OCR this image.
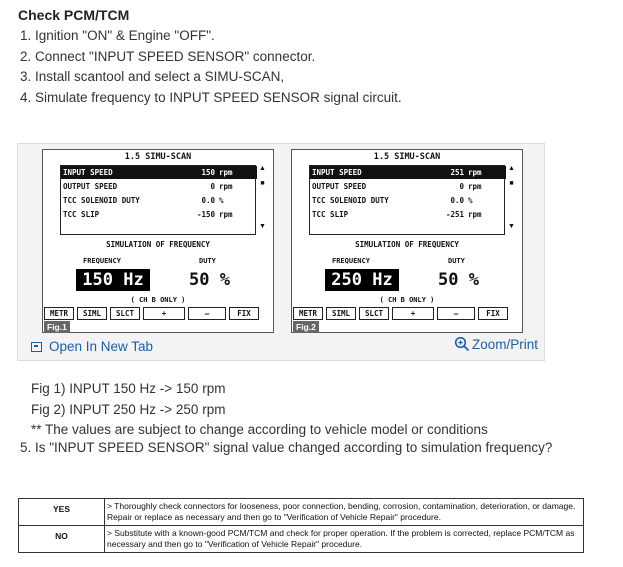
Check PCM/TCM
1. Ignition "ON" & Engine "OFF".
2. Connect "INPUT SPEED SENSOR" connector.
3. Install scantool and select a SIMU-SCAN,
4. Simulate frequency to INPUT SPEED SENSOR signal circuit.
1.5 SIMU-SCAN
INPUT SPEED	150 rpm
OUTPUT SPEED	0 rpm
TCC SOLENOID DUTY	0.0 %
TCC SLIP	-150 rpm
▲
■
▼
SIMULATION OF FREQUENCY
FREQUENCY	DUTY
150 Hz	50 %
( CH B ONLY )
METR	SIML	SLCT	+	—	FIX
Fig.1
1.5 SIMU-SCAN
INPUT SPEED	251 rpm
OUTPUT SPEED	0 rpm
TCC SOLENOID DUTY	0.0 %
TCC SLIP	-251 rpm
▲
■
▼
SIMULATION OF FREQUENCY
FREQUENCY	DUTY
250 Hz	50 %
( CH B ONLY )
METR	SIML	SLCT	+	—	FIX
Fig.2
Open In New Tab	Zoom/Print
Fig 1) INPUT 150 Hz -> 150 rpm
Fig 2) INPUT 250 Hz -> 250 rpm
** The values are subject to change according to vehicle model or conditions
5. Is "INPUT SPEED SENSOR" signal value changed according to simulation frequency?
YES	> Thoroughly check connectors for looseness, poor connection, bending, corrosion, contamination, deterioration, or damage. Repair or replace as necessary and then go to "Verification of Vehicle Repair" procedure.
NO	> Substitute with a known-good PCM/TCM and check for proper operation. If the problem is corrected, replace PCM/TCM as necessary and then go to "Verification of Vehicle Repair" procedure.
